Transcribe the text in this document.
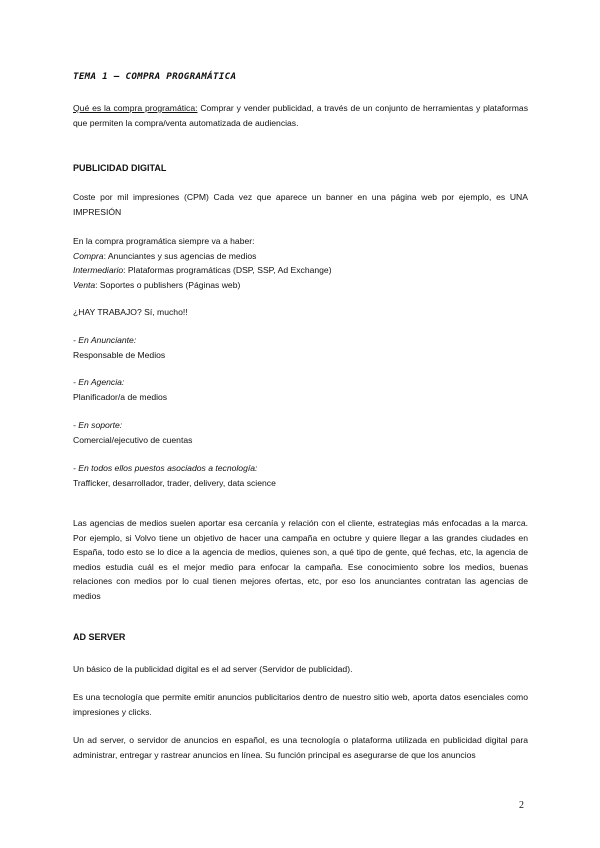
TEMA 1 – COMPRA PROGRAMÁTICA
Qué es la compra programática: Comprar y vender publicidad, a través de un conjunto de herramientas y plataformas que permiten la compra/venta automatizada de audiencias.
PUBLICIDAD DIGITAL
Coste por mil impresiones (CPM) Cada vez que aparece un banner en una página web por ejemplo, es UNA IMPRESIÓN
En la compra programática siempre va a haber:
Compra: Anunciantes y sus agencias de medios
Intermediario: Plataformas programáticas (DSP, SSP, Ad Exchange)
Venta: Soportes o publishers (Páginas web)
¿HAY TRABAJO? Sí, mucho!!
- En Anunciante:
Responsable de Medios
- En Agencia:
Planificador/a de medios
- En soporte:
Comercial/ejecutivo de cuentas
- En todos ellos puestos asociados a tecnología:
Trafficker, desarrollador, trader, delivery, data science
Las agencias de medios suelen aportar esa cercanía y relación con el cliente, estrategias más enfocadas a la marca. Por ejemplo, si Volvo tiene un objetivo de hacer una campaña en octubre y quiere llegar a las grandes ciudades en España, todo esto se lo dice a la agencia de medios, quienes son, a qué tipo de gente, qué fechas, etc, la agencia de medios estudia cuál es el mejor medio para enfocar la campaña. Ese conocimiento sobre los medios, buenas relaciones con medios por lo cual tienen mejores ofertas, etc, por eso los anunciantes contratan las agencias de medios
AD SERVER
Un básico de la publicidad digital es el ad server (Servidor de publicidad).
Es una tecnología que permite emitir anuncios publicitarios dentro de nuestro sitio web, aporta datos esenciales como impresiones y clicks.
Un ad server, o servidor de anuncios en español, es una tecnología o plataforma utilizada en publicidad digital para administrar, entregar y rastrear anuncios en línea. Su función principal es asegurarse de que los anuncios
2
